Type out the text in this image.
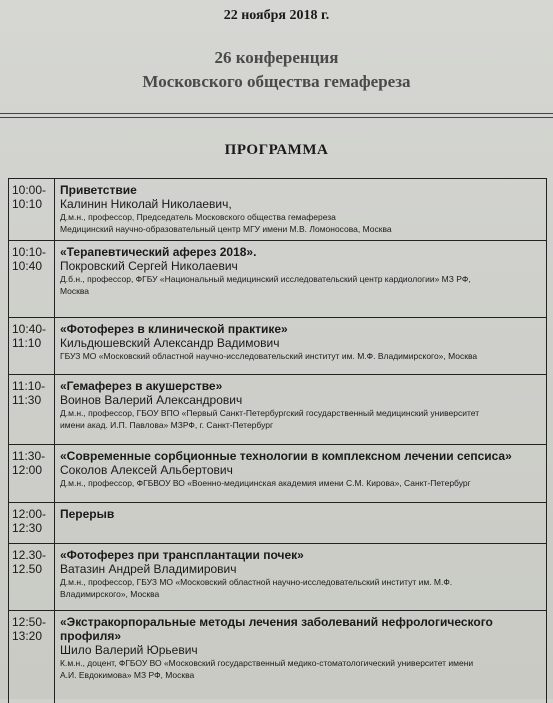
22 ноября 2018 г.
26 конференция
Московского общества гемафереза
ПРОГРАММА
10:00-
10:10
Приветствие
Калинин Николай Николаевич,
Д.м.н., профессор, Председатель Московского общества гемафереза
Медицинский научно-образовательный центр МГУ имени М.В. Ломоносова, Москва
10:10-
10:40
«Терапевтический аферез 2018».
Покровский Сергей Николаевич
Д.б.н., профессор, ФГБУ «Национальный медицинский исследовательский центр кардиологии» МЗ РФ,
Москва
10:40-
11:10
«Фотоферез в клинической практике»
Кильдюшевский Александр Вадимович
ГБУЗ МО «Московский областной научно-исследовательский институт им. М.Ф. Владимирского», Москва
11:10-
11:30
«Гемаферез в акушерстве»
Воинов Валерий Александрович
Д.м.н., профессор, ГБОУ ВПО «Первый Санкт-Петербургский государственный медицинский университет
имени акад. И.П. Павлова» МЗРФ, г. Санкт-Петербург
11:30-
12:00
«Современные сорбционные технологии в комплексном лечении сепсиса»
Соколов Алексей Альбертович
Д.м.н., профессор, ФГБВОУ ВО «Военно-медицинская академия имени С.М. Кирова», Санкт-Петербург
12:00-
12:30
Перерыв
12.30-
12.50
«Фотоферез при трансплантации почек»
Ватазин Андрей Владимирович
Д.м.н., профессор, ГБУЗ МО «Московский областной научно-исследовательский институт им. М.Ф.
Владимирского», Москва
12:50-
13:20
«Экстракорпоральные методы лечения заболеваний нефрологического
профиля»
Шило Валерий Юрьевич
К.м.н., доцент, ФГБОУ ВО «Московский государственный медико-стоматологический университет имени
А.И. Евдокимова» МЗ РФ, Москва
